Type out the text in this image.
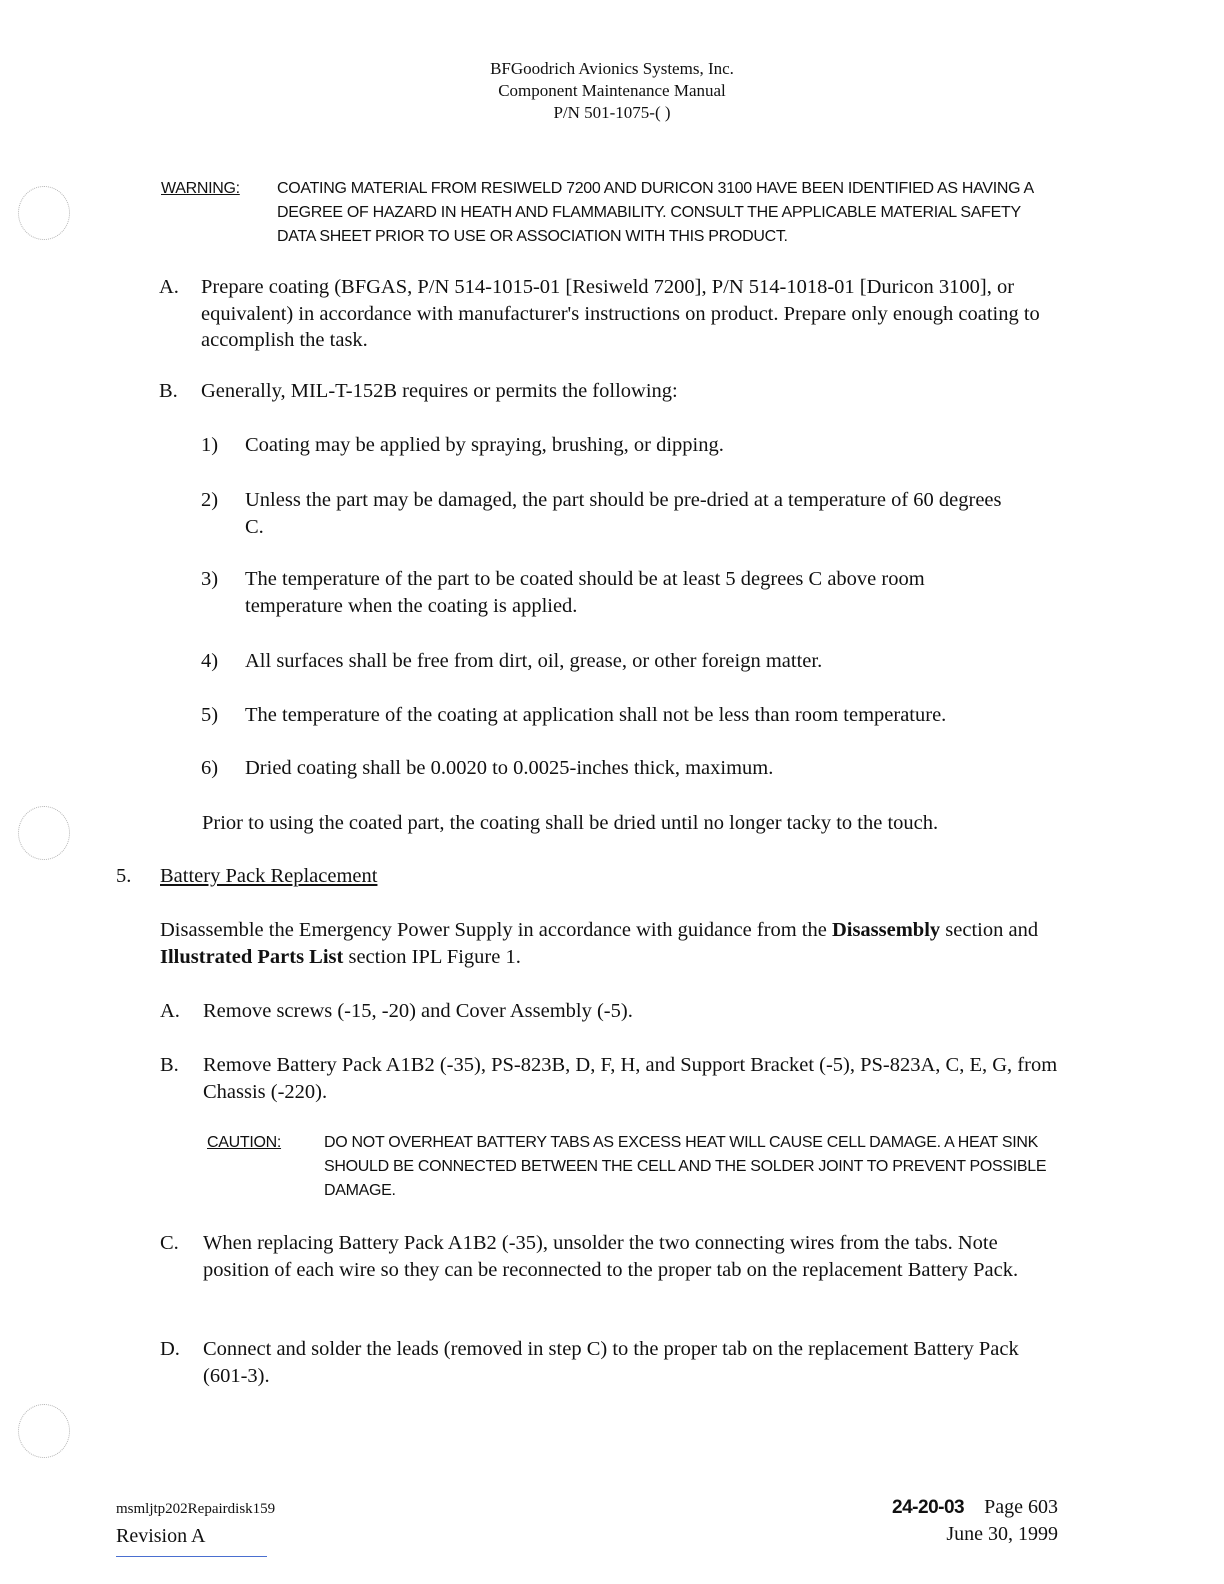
BFGoodrich Avionics Systems, Inc.
Component Maintenance Manual
P/N 501-1075-( )
WARNING: COATING MATERIAL FROM RESIWELD 7200 AND DURICON 3100 HAVE BEEN IDENTIFIED AS HAVING A DEGREE OF HAZARD IN HEATH AND FLAMMABILITY. CONSULT THE APPLICABLE MATERIAL SAFETY DATA SHEET PRIOR TO USE OR ASSOCIATION WITH THIS PRODUCT.
A. Prepare coating (BFGAS, P/N 514-1015-01 [Resiweld 7200], P/N 514-1018-01 [Duricon 3100], or equivalent) in accordance with manufacturer's instructions on product. Prepare only enough coating to accomplish the task.
B. Generally, MIL-T-152B requires or permits the following:
1) Coating may be applied by spraying, brushing, or dipping.
2) Unless the part may be damaged, the part should be pre-dried at a temperature of 60 degrees C.
3) The temperature of the part to be coated should be at least 5 degrees C above room temperature when the coating is applied.
4) All surfaces shall be free from dirt, oil, grease, or other foreign matter.
5) The temperature of the coating at application shall not be less than room temperature.
6) Dried coating shall be 0.0020 to 0.0025-inches thick, maximum.
Prior to using the coated part, the coating shall be dried until no longer tacky to the touch.
5. Battery Pack Replacement
Disassemble the Emergency Power Supply in accordance with guidance from the Disassembly section and Illustrated Parts List section IPL Figure 1.
A. Remove screws (-15, -20) and Cover Assembly (-5).
B. Remove Battery Pack A1B2 (-35), PS-823B, D, F, H, and Support Bracket (-5), PS-823A, C, E, G, from Chassis (-220).
CAUTION:	DO NOT OVERHEAT BATTERY TABS AS EXCESS HEAT WILL CAUSE CELL DAMAGE. A HEAT SINK SHOULD BE CONNECTED BETWEEN THE CELL AND THE SOLDER JOINT TO PREVENT POSSIBLE DAMAGE.
C. When replacing Battery Pack A1B2 (-35), unsolder the two connecting wires from the tabs. Note position of each wire so they can be reconnected to the proper tab on the replacement Battery Pack.
D. Connect and solder the leads (removed in step C) to the proper tab on the replacement Battery Pack (601-3).
msmljtp202Repairdisk159
Revision A
24-20-03 Page 603
June 30, 1999
